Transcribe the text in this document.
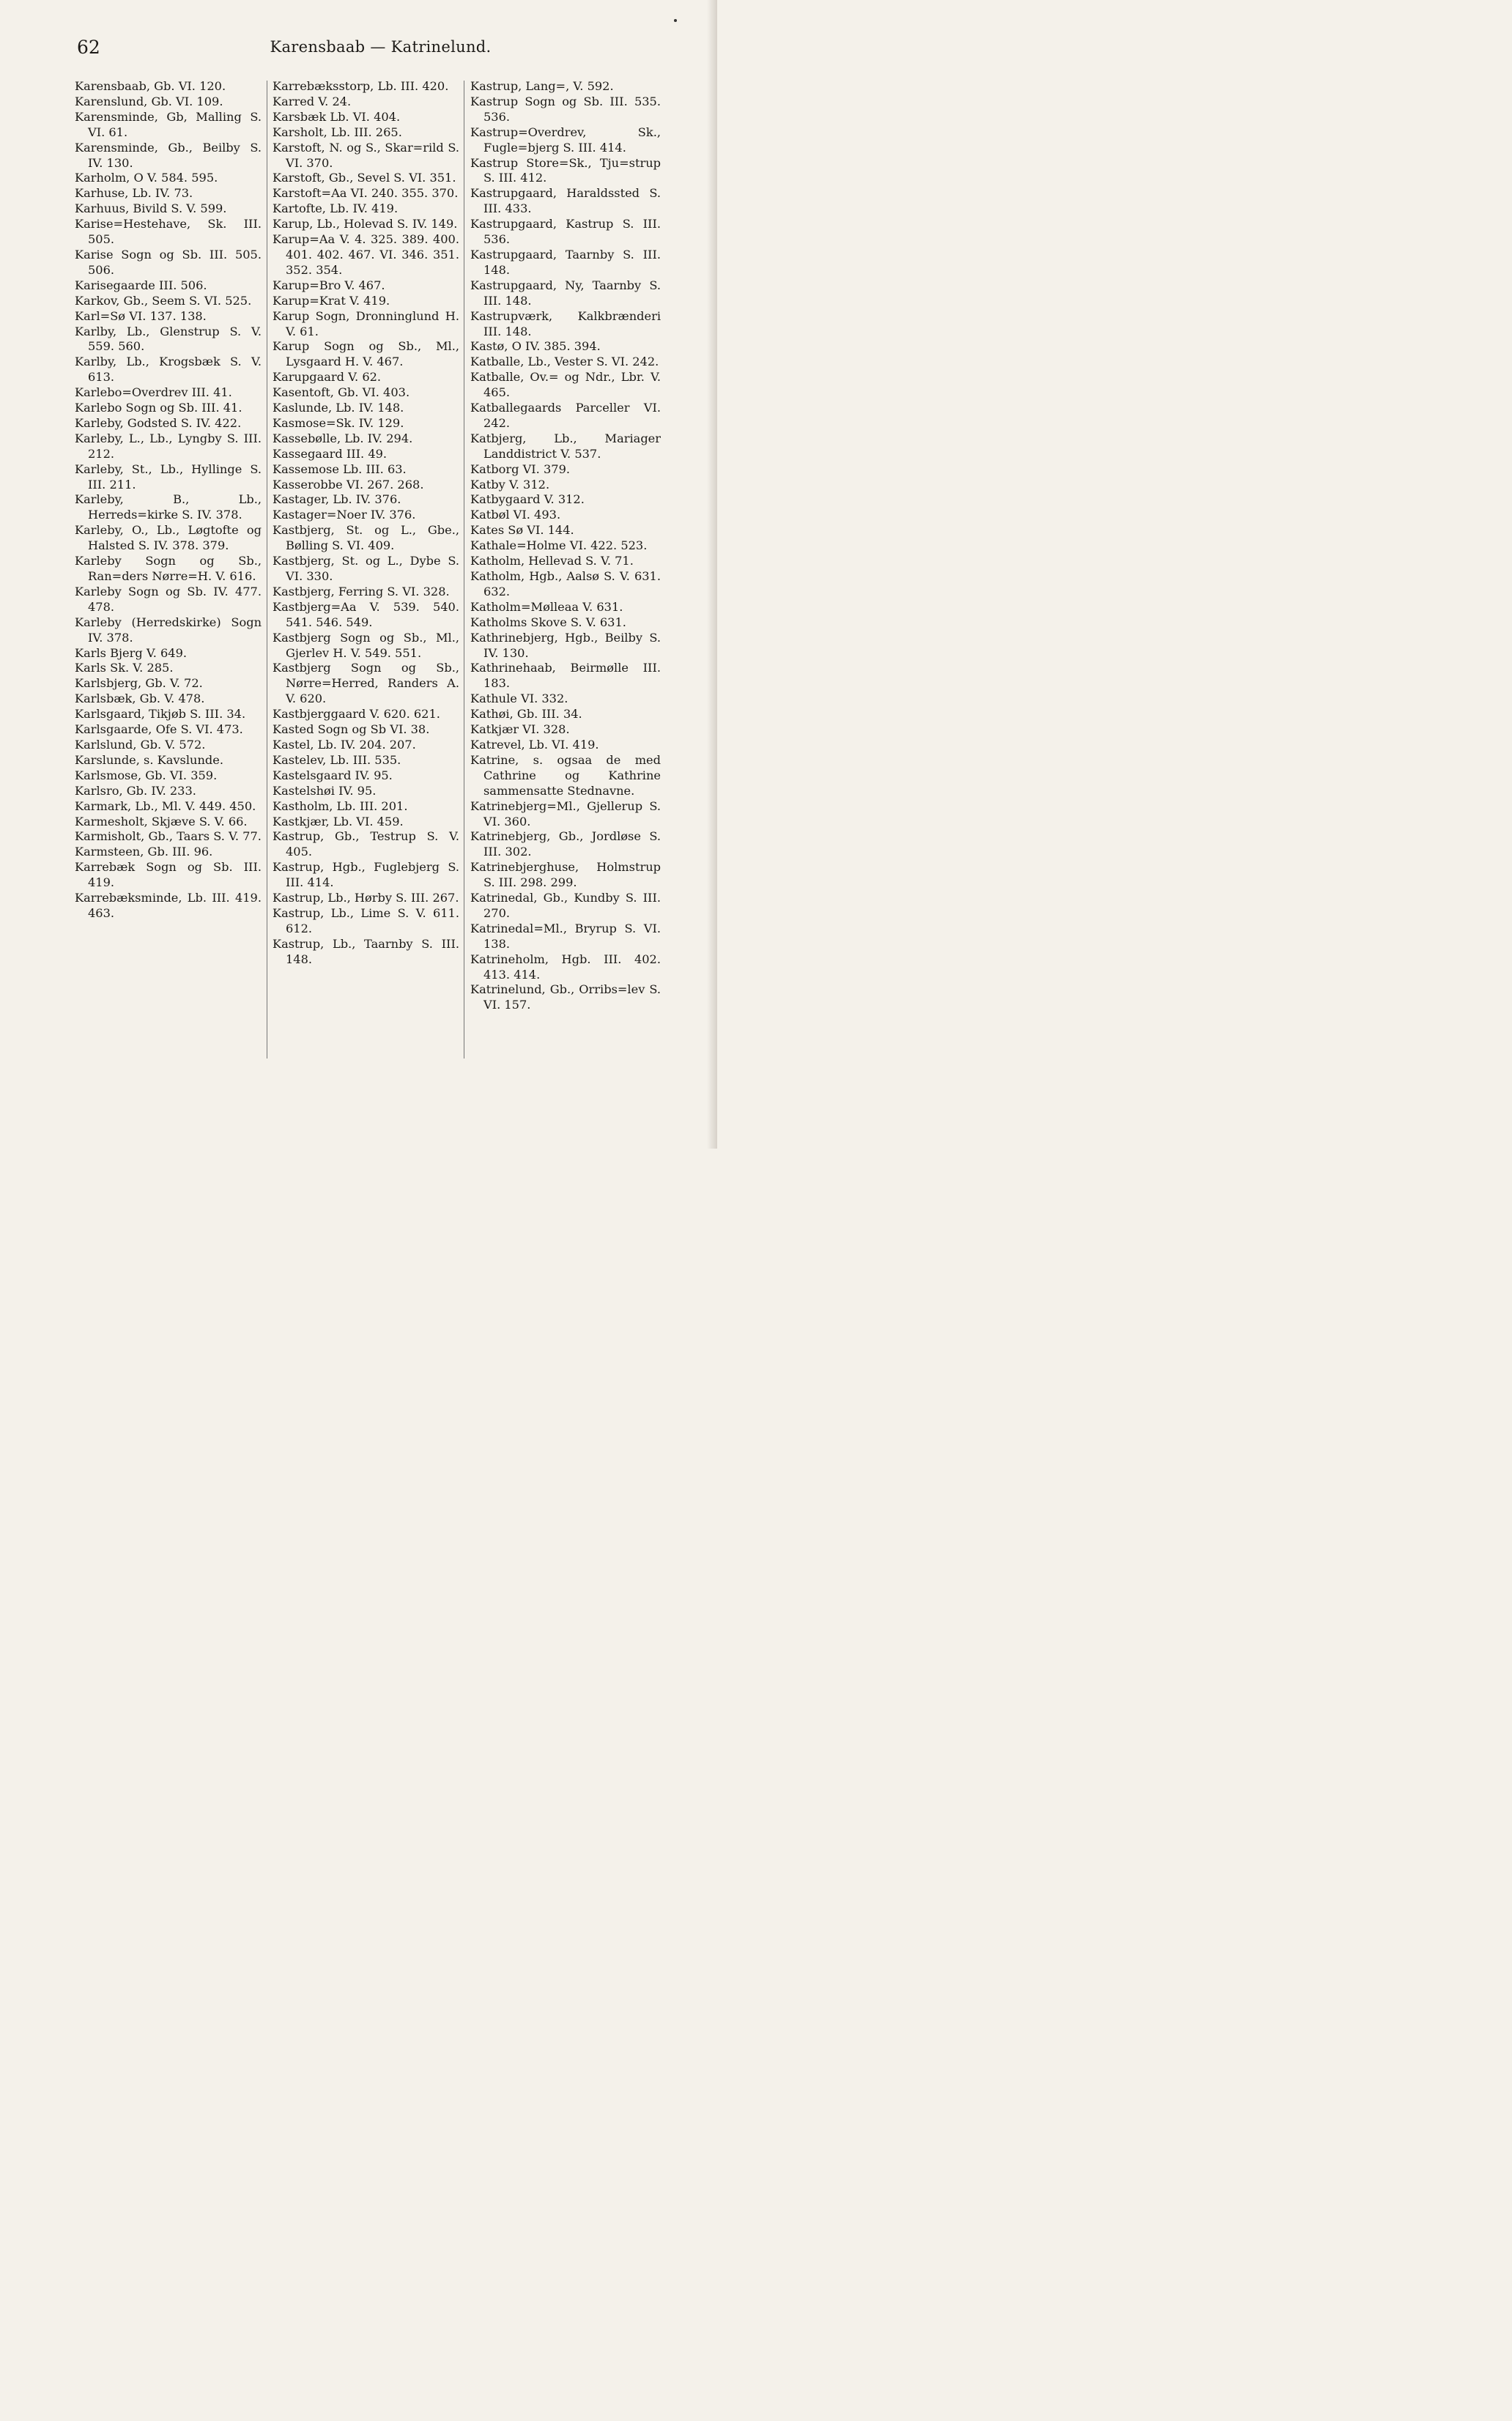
62	Karensbaab — Katrinelund.

Karensbaab, Gb. VI. 120.

Karenslund, Gb. VI. 109.

Karensminde, Gb, Malling S. VI. 61.

Karensminde, Gb., Beilby S. IV. 130.

Karholm, O V. 584. 595.

Karhuse, Lb. IV. 73.

Karhuus, Bivild S. V. 599.

Karise=Hestehave, Sk. III. 505.

Karise Sogn og Sb. III. 505. 506.

Karisegaarde III. 506.

Karkov, Gb., Seem S. VI. 525.

Karl=Sø VI. 137. 138.

Karlby, Lb., Glenstrup S. V. 559. 560.

Karlby, Lb., Krogsbæk S. V. 613.

Karlebo=Overdrev III. 41.

Karlebo Sogn og Sb. III. 41.

Karleby, Godsted S. IV. 422.

Karleby, L., Lb., Lyngby S. III. 212.

Karleby, St., Lb., Hyllinge S. III. 211.

Karleby, B., Lb., Herreds=kirke S. IV. 378.

Karleby, O., Lb., Løgtofte og Halsted S. IV. 378. 379.

Karleby Sogn og Sb., Ran=ders Nørre=H. V. 616.

Karleby Sogn og Sb. IV. 477. 478.

Karleby (Herredskirke) Sogn IV. 378.

Karls Bjerg V. 649.

Karls Sk. V. 285.

Karlsbjerg, Gb. V. 72.

Karlsbæk, Gb. V. 478.

Karlsgaard, Tikjøb S. III. 34.

Karlsgaarde, Ofe S. VI. 473.

Karlslund, Gb. V. 572.

Karslunde, s. Kavslunde.

Karlsmose, Gb. VI. 359.

Karlsro, Gb. IV. 233.

Karmark, Lb., Ml. V. 449. 450.

Karmesholt, Skjæve S. V. 66.

Karmisholt, Gb., Taars S. V. 77.

Karmsteen, Gb. III. 96.

Karrebæk Sogn og Sb. III. 419.

Karrebæksminde, Lb. III. 419. 463.

Karrebæksstorp, Lb. III. 420.

Karred V. 24.

Karsbæk Lb. VI. 404.

Karsholt, Lb. III. 265.

Karstoft, N. og S., Skar=rild S. VI. 370.

Karstoft, Gb., Sevel S. VI. 351.

Karstoft=Aa VI. 240. 355. 370.

Kartofte, Lb. IV. 419.

Karup, Lb., Holevad S. IV. 149.

Karup=Aa V. 4. 325. 389. 400. 401. 402. 467. VI. 346. 351. 352. 354.

Karup=Bro V. 467.

Karup=Krat V. 419.

Karup Sogn, Dronninglund H. V. 61.

Karup Sogn og Sb., Ml., Lysgaard H. V. 467.

Karupgaard V. 62.

Kasentoft, Gb. VI. 403.

Kaslunde, Lb. IV. 148.

Kasmose=Sk. IV. 129.

Kassebølle, Lb. IV. 294.

Kassegaard III. 49.

Kassemose Lb. III. 63.

Kasserobbe VI. 267. 268.

Kastager, Lb. IV. 376.

Kastager=Noer IV. 376.

Kastbjerg, St. og L., Gbe., Bølling S. VI. 409.

Kastbjerg, St. og L., Dybe S. VI. 330.

Kastbjerg, Ferring S. VI. 328.

Kastbjerg=Aa V. 539. 540. 541. 546. 549.

Kastbjerg Sogn og Sb., Ml., Gjerlev H. V. 549. 551.

Kastbjerg Sogn og Sb., Nørre=Herred, Randers A. V. 620.

Kastbjerggaard V. 620. 621.

Kasted Sogn og Sb VI. 38.

Kastel, Lb. IV. 204. 207.

Kastelev, Lb. III. 535.

Kastelsgaard IV. 95.

Kastelshøi IV. 95.

Kastholm, Lb. III. 201.

Kastkjær, Lb. VI. 459.

Kastrup, Gb., Testrup S. V. 405.

Kastrup, Hgb., Fuglebjerg S. III. 414.

Kastrup, Lb., Hørby S. III. 267.

Kastrup, Lb., Lime S. V. 611. 612.

Kastrup, Lb., Taarnby S. III. 148.

Kastrup, Lang=, V. 592.

Kastrup Sogn og Sb. III. 535. 536.

Kastrup=Overdrev, Sk., Fugle=bjerg S. III. 414.

Kastrup Store=Sk., Tju=strup S. III. 412.

Kastrupgaard, Haraldssted S. III. 433.

Kastrupgaard, Kastrup S. III. 536.

Kastrupgaard, Taarnby S. III. 148.

Kastrupgaard, Ny, Taarnby S. III. 148.

Kastrupværk, Kalkbrænderi III. 148.

Kastø, O IV. 385. 394.

Katballe, Lb., Vester S. VI. 242.

Katballe, Ov.= og Ndr., Lbr. V. 465.

Katballegaards Parceller VI. 242.

Katbjerg, Lb., Mariager Landdistrict V. 537.

Katborg VI. 379.

Katby V. 312.

Katbygaard V. 312.

Katbøl VI. 493.

Kates Sø VI. 144.

Kathale=Holme VI. 422. 523.

Katholm, Hellevad S. V. 71.

Katholm, Hgb., Aalsø S. V. 631. 632.

Katholm=Mølleaa V. 631.

Katholms Skove S. V. 631.

Kathrinebjerg, Hgb., Beilby S. IV. 130.

Kathrinehaab, Beirmølle III. 183.

Kathule VI. 332.

Kathøi, Gb. III. 34.

Katkjær VI. 328.

Katrevel, Lb. VI. 419.

Katrine, s. ogsaa de med Cathrine og Kathrine sammensatte Stednavne.

Katrinebjerg=Ml., Gjellerup S. VI. 360.

Katrinebjerg, Gb., Jordløse S. III. 302.

Katrinebjerghuse, Holmstrup S. III. 298. 299.

Katrinedal, Gb., Kundby S. III. 270.

Katrinedal=Ml., Bryrup S. VI. 138.

Katrineholm, Hgb. III. 402. 413. 414.

Katrinelund, Gb., Orribs=lev S. VI. 157.
